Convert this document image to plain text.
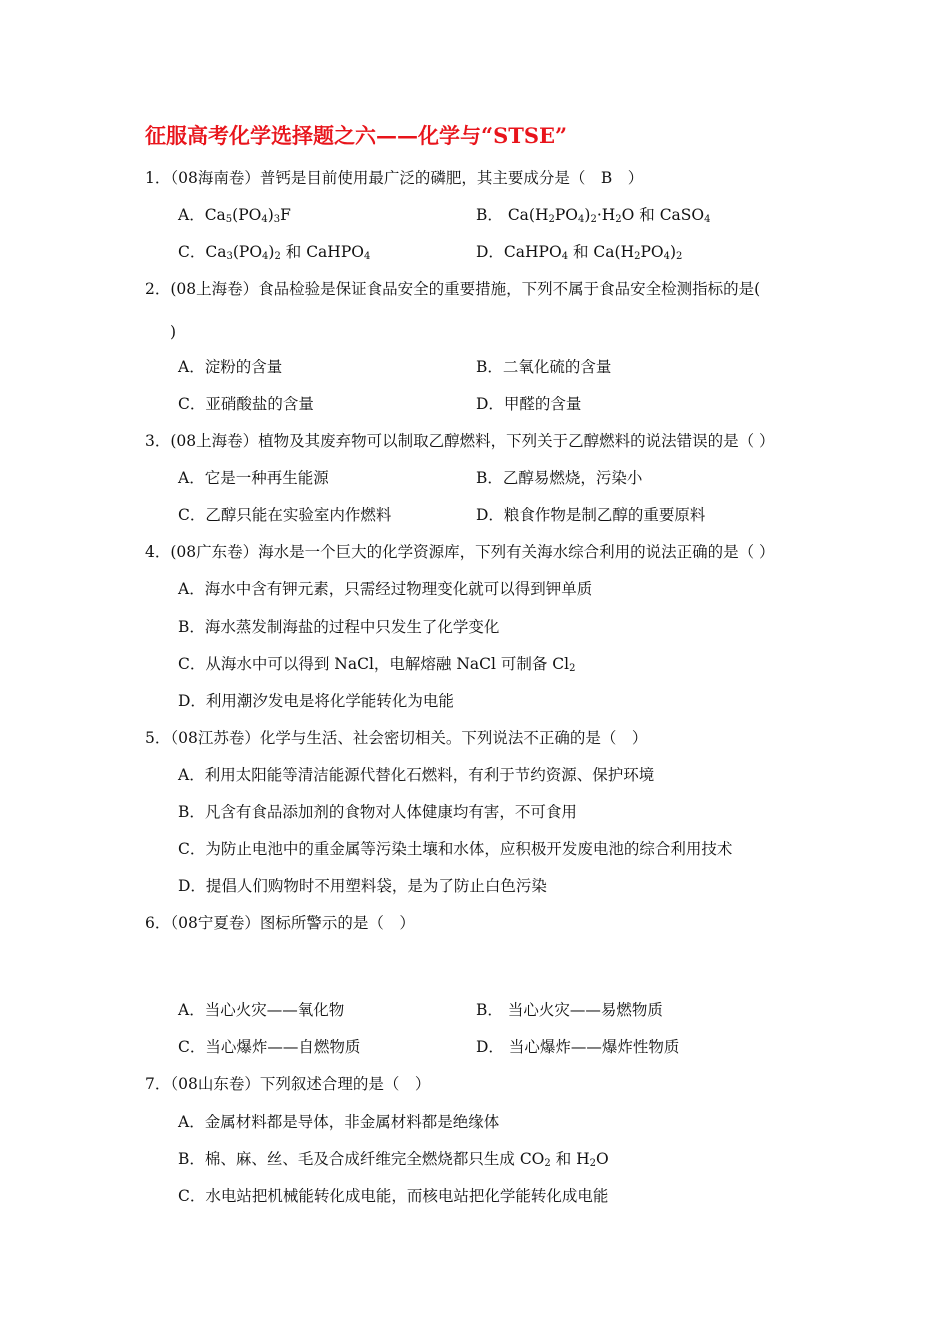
征服高考化学选择题之六——化学与“STSE”
1．（08海南卷）普钙是目前使用最广泛的磷肥，其主要成分是（　B　）
A．$Ca_5(PO_4)_3F$	B． $Ca(H_2PO_4)_2\cdot H_2O$ 和 CaSO$_4$
C．$Ca_3(PO_4)_2$ 和 CaHPO$_4$	D．CaHPO$_4$ 和 $Ca(H_2PO_4)_2$
2．(08上海卷）食品检验是保证食品安全的重要措施，下列不属于食品安全检测指标的是(
)
A．淀粉的含量	B．二氧化硫的含量
C．亚硝酸盐的含量	D．甲醛的含量
3．(08上海卷）植物及其废弃物可以制取乙醇燃料，下列关于乙醇燃料的说法错误的是（ ）
A．它是一种再生能源	B．乙醇易燃烧，污染小
C．乙醇只能在实验室内作燃料	D．粮食作物是制乙醇的重要原料
4．(08广东卷）海水是一个巨大的化学资源库，下列有关海水综合利用的说法正确的是（ ）
A．海水中含有钾元素，只需经过物理变化就可以得到钾单质
B．海水蒸发制海盐的过程中只发生了化学变化
C．从海水中可以得到 NaCl，电解熔融 NaCl 可制备 $Cl_2$
D．利用潮汐发电是将化学能转化为电能
5．（08江苏卷）化学与生活、社会密切相关。下列说法不正确的是（　）
A．利用太阳能等清洁能源代替化石燃料，有利于节约资源、保护环境
B．凡含有食品添加剂的食物对人体健康均有害，不可食用
C．为防止电池中的重金属等污染土壤和水体，应积极开发废电池的综合利用技术
D．提倡人们购物时不用塑料袋，是为了防止白色污染
6．（08宁夏卷）图标所警示的是（　）
A．当心火灾——氧化物	B． 当心火灾——易燃物质
C．当心爆炸——自燃物质	D． 当心爆炸——爆炸性物质
7．（08山东卷）下列叙述合理的是（　）
A．金属材料都是导体，非金属材料都是绝缘体
B．棉、麻、丝、毛及合成纤维完全燃烧都只生成 $CO_2$ 和 $H_2O$
C．水电站把机械能转化成电能，而核电站把化学能转化成电能
